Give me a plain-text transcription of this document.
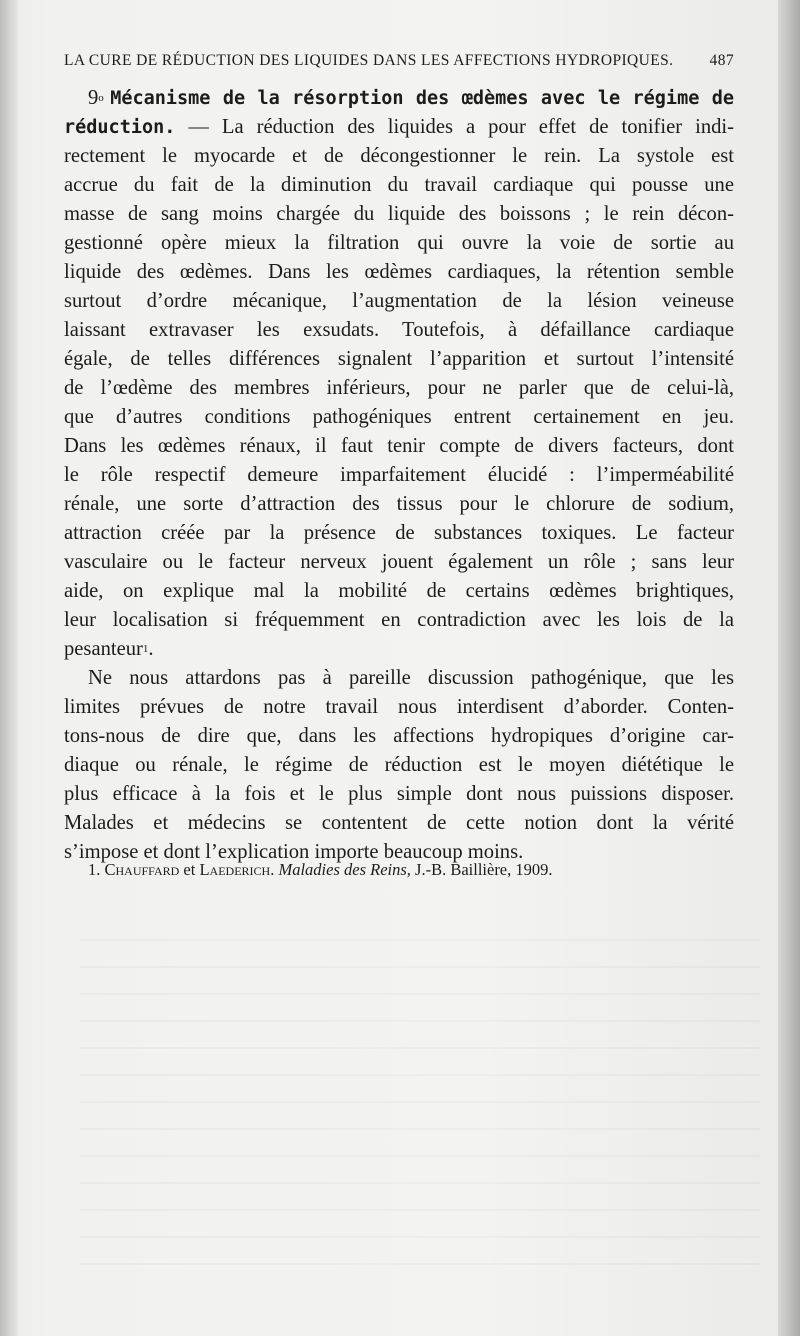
LA CURE DE RÉDUCTION DES LIQUIDES DANS LES AFFECTIONS HYDROPIQUES. 487
9$^o$ Mécanisme de la résorption des œdèmes avec le régime de
réduction. — La réduction des liquides a pour effet de tonifier indi-
rectement le myocarde et de décongestionner le rein. La systole est
accrue du fait de la diminution du travail cardiaque qui pousse une
masse de sang moins chargée du liquide des boissons ; le rein décon-
gestionné opère mieux la filtration qui ouvre la voie de sortie au
liquide des œdèmes. Dans les œdèmes cardiaques, la rétention semble
surtout d’ordre mécanique, l’augmentation de la lésion veineuse
laissant extravaser les exsudats. Toutefois, à défaillance cardiaque
égale, de telles différences signalent l’apparition et surtout l’intensité
de l’œdème des membres inférieurs, pour ne parler que de celui-là,
que d’autres conditions pathogéniques entrent certainement en jeu.
Dans les œdèmes rénaux, il faut tenir compte de divers facteurs, dont
le rôle respectif demeure imparfaitement élucidé : l’imperméabilité
rénale, une sorte d’attraction des tissus pour le chlorure de sodium,
attraction créée par la présence de substances toxiques. Le facteur
vasculaire ou le facteur nerveux jouent également un rôle ; sans leur
aide, on explique mal la mobilité de certains œdèmes brightiques,
leur localisation si fréquemment en contradiction avec les lois de la
pesanteur$^1$.
Ne nous attardons pas à pareille discussion pathogénique, que les
limites prévues de notre travail nous interdisent d’aborder. Conten-
tons-nous de dire que, dans les affections hydropiques d’origine car-
diaque ou rénale, le régime de réduction est le moyen diététique le
plus efficace à la fois et le plus simple dont nous puissions disposer.
Malades et médecins se contentent de cette notion dont la vérité
s’impose et dont l’explication importe beaucoup moins.
1. Chauffard et Laederich. Maladies des Reins, J.-B. Baillière, 1909.
